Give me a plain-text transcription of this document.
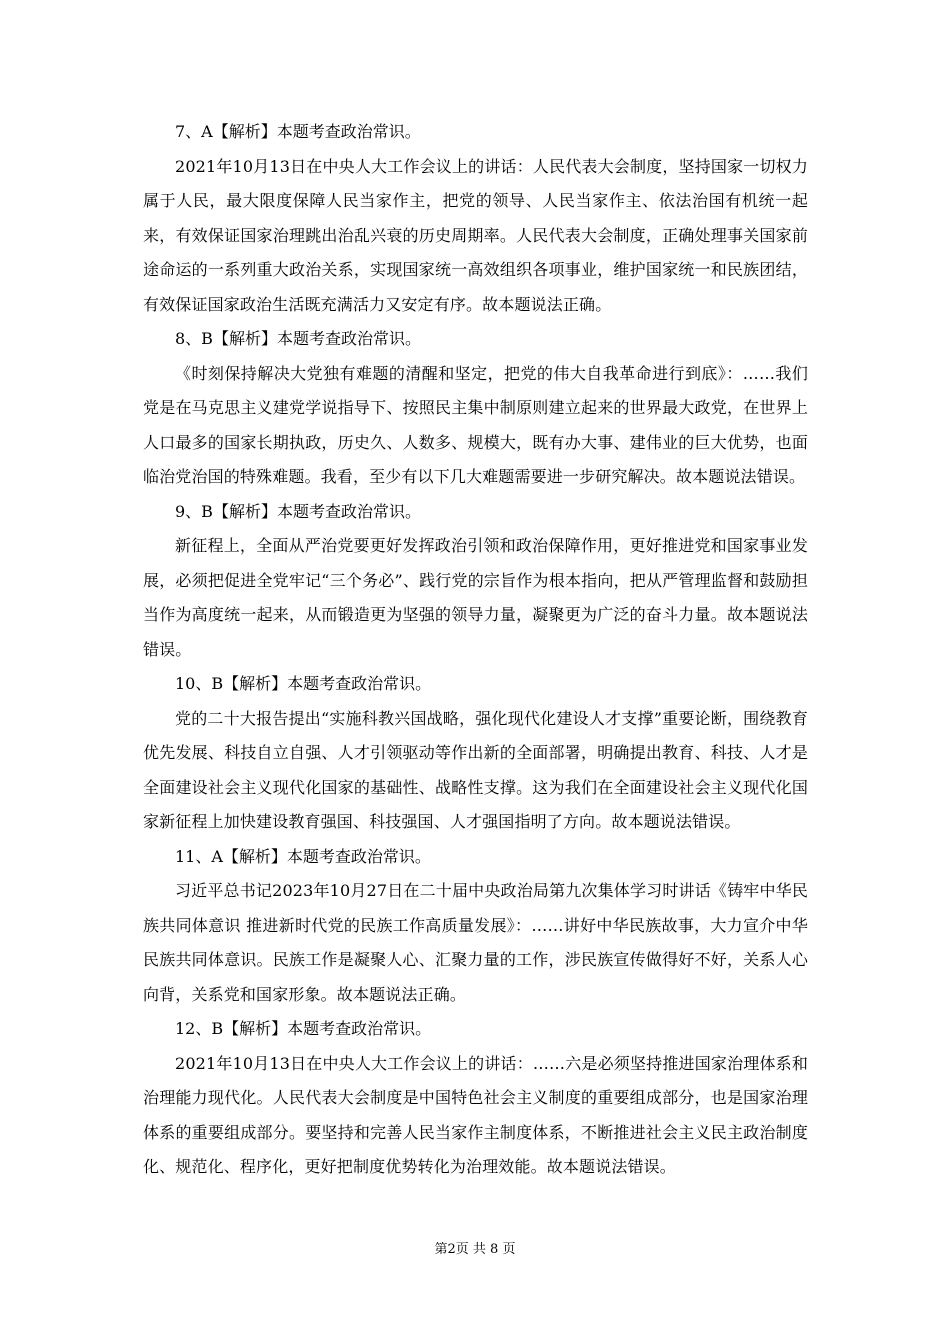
7、A【解析】本题考查政治常识。

2021年10月13日在中央人大工作会议上的讲话：人民代表大会制度，坚持国家一切权力属于人民，最大限度保障人民当家作主，把党的领导、人民当家作主、依法治国有机统一起来，有效保证国家治理跳出治乱兴衰的历史周期率。人民代表大会制度，正确处理事关国家前途命运的一系列重大政治关系，实现国家统一高效组织各项事业，维护国家统一和民族团结，有效保证国家政治生活既充满活力又安定有序。故本题说法正确。

8、B【解析】本题考查政治常识。

《时刻保持解决大党独有难题的清醒和坚定，把党的伟大自我革命进行到底》：……我们党是在马克思主义建党学说指导下、按照民主集中制原则建立起来的世界最大政党，在世界上人口最多的国家长期执政，历史久、人数多、规模大，既有办大事、建伟业的巨大优势，也面临治党治国的特殊难题。我看，至少有以下几大难题需要进一步研究解决。故本题说法错误。

9、B【解析】本题考查政治常识。

新征程上，全面从严治党要更好发挥政治引领和政治保障作用，更好推进党和国家事业发展，必须把促进全党牢记“三个务必”、践行党的宗旨作为根本指向，把从严管理监督和鼓励担当作为高度统一起来，从而锻造更为坚强的领导力量，凝聚更为广泛的奋斗力量。故本题说法错误。

10、B【解析】本题考查政治常识。

党的二十大报告提出“实施科教兴国战略，强化现代化建设人才支撑”重要论断，围绕教育优先发展、科技自立自强、人才引领驱动等作出新的全面部署，明确提出教育、科技、人才是全面建设社会主义现代化国家的基础性、战略性支撑。这为我们在全面建设社会主义现代化国家新征程上加快建设教育强国、科技强国、人才强国指明了方向。故本题说法错误。

11、A【解析】本题考查政治常识。

习近平总书记2023年10月27日在二十届中央政治局第九次集体学习时讲话《铸牢中华民族共同体意识 推进新时代党的民族工作高质量发展》：……讲好中华民族故事，大力宣介中华民族共同体意识。民族工作是凝聚人心、汇聚力量的工作，涉民族宣传做得好不好，关系人心向背，关系党和国家形象。故本题说法正确。

12、B【解析】本题考查政治常识。

2021年10月13日在中央人大工作会议上的讲话：……六是必须坚持推进国家治理体系和治理能力现代化。人民代表大会制度是中国特色社会主义制度的重要组成部分，也是国家治理体系的重要组成部分。要坚持和完善人民当家作主制度体系，不断推进社会主义民主政治制度化、规范化、程序化，更好把制度优势转化为治理效能。故本题说法错误。

第2页 共 8 页
